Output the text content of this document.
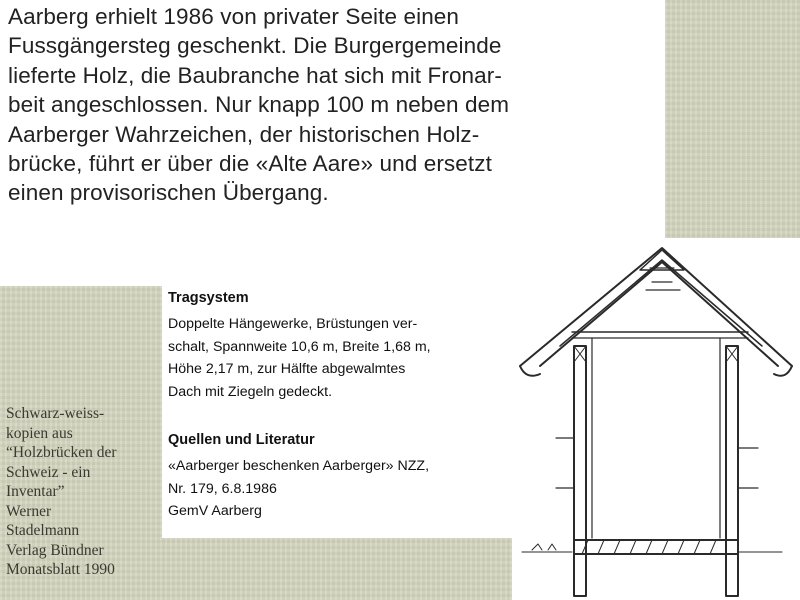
Aarberg erhielt 1986 von privater Seite einen
Fussgängersteg geschenkt. Die Burgergemeinde
lieferte Holz, die Baubranche hat sich mit Fronar-
beit angeschlossen. Nur knapp 100 m neben dem
Aarberger Wahrzeichen, der historischen Holz-
brücke, führt er über die «Alte Aare» und ersetzt
einen provisorischen Übergang.
Tragsystem
Doppelte Hängewerke, Brüstungen ver-
schalt, Spannweite 10,6 m, Breite 1,68 m,
Höhe 2,17 m, zur Hälfte abgewalmtes
Dach mit Ziegeln gedeckt.
Quellen und Literatur
«Aarberger beschenken Aarberger» NZZ,
Nr. 179, 6.8.1986
GemV Aarberg
Schwarz-weiss-
kopien aus
“Holzbrücken der
Schweiz - ein
Inventar”
Werner
Stadelmann
Verlag Bündner
Monatsblatt 1990
